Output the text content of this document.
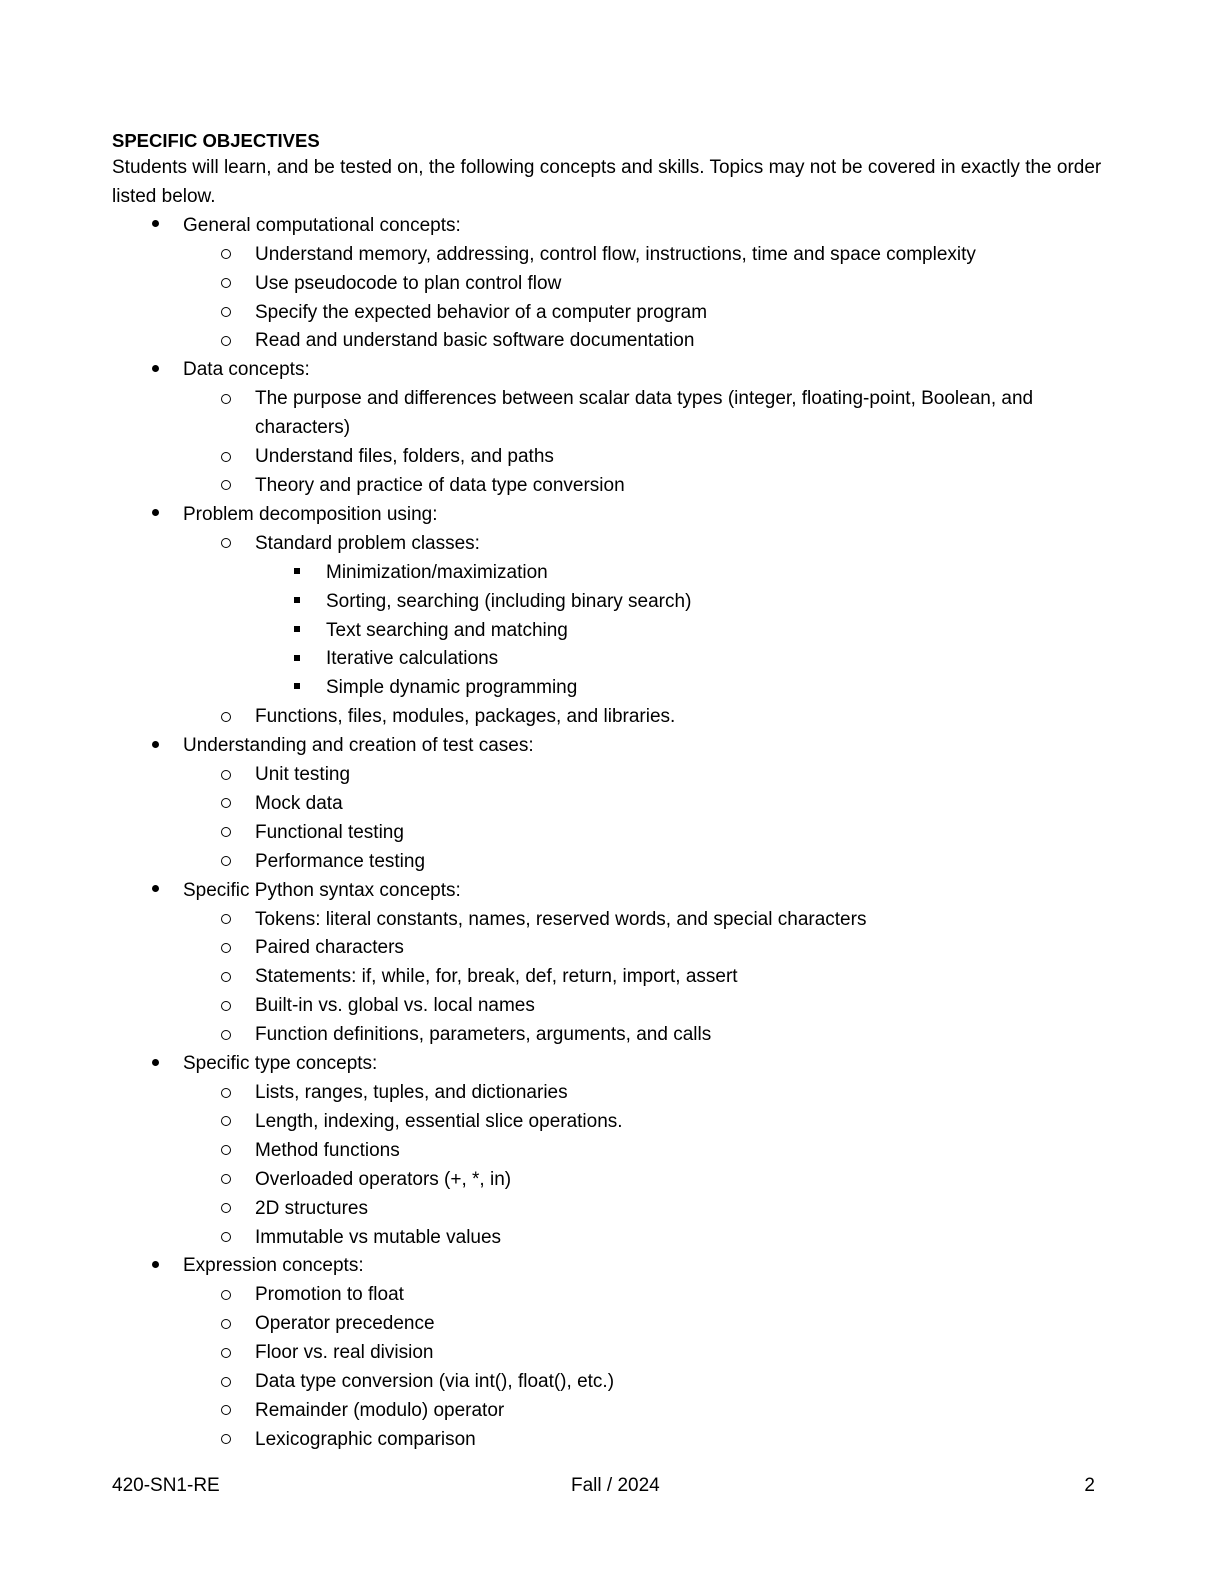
SPECIFIC OBJECTIVES

Students will learn, and be tested on, the following concepts and skills. Topics may not be covered in exactly the order listed below.

General computational concepts:
Understand memory, addressing, control flow, instructions, time and space complexity
Use pseudocode to plan control flow
Specify the expected behavior of a computer program
Read and understand basic software documentation
Data concepts:
The purpose and differences between scalar data types (integer, floating-point, Boolean, and characters)
Understand files, folders, and paths
Theory and practice of data type conversion
Problem decomposition using:
Standard problem classes:
Minimization/maximization
Sorting, searching (including binary search)
Text searching and matching
Iterative calculations
Simple dynamic programming
Functions, files, modules, packages, and libraries.
Understanding and creation of test cases:
Unit testing
Mock data
Functional testing
Performance testing
Specific Python syntax concepts:
Tokens: literal constants, names, reserved words, and special characters
Paired characters
Statements: if, while, for, break, def, return, import, assert
Built-in vs. global vs. local names
Function definitions, parameters, arguments, and calls
Specific type concepts:
Lists, ranges, tuples, and dictionaries
Length, indexing, essential slice operations.
Method functions
Overloaded operators (+, *, in)
2D structures
Immutable vs mutable values
Expression concepts:
Promotion to float
Operator precedence
Floor vs. real division
Data type conversion (via int(), float(), etc.)
Remainder (modulo) operator
Lexicographic comparison
420-SN1-RE	Fall / 2024	2
